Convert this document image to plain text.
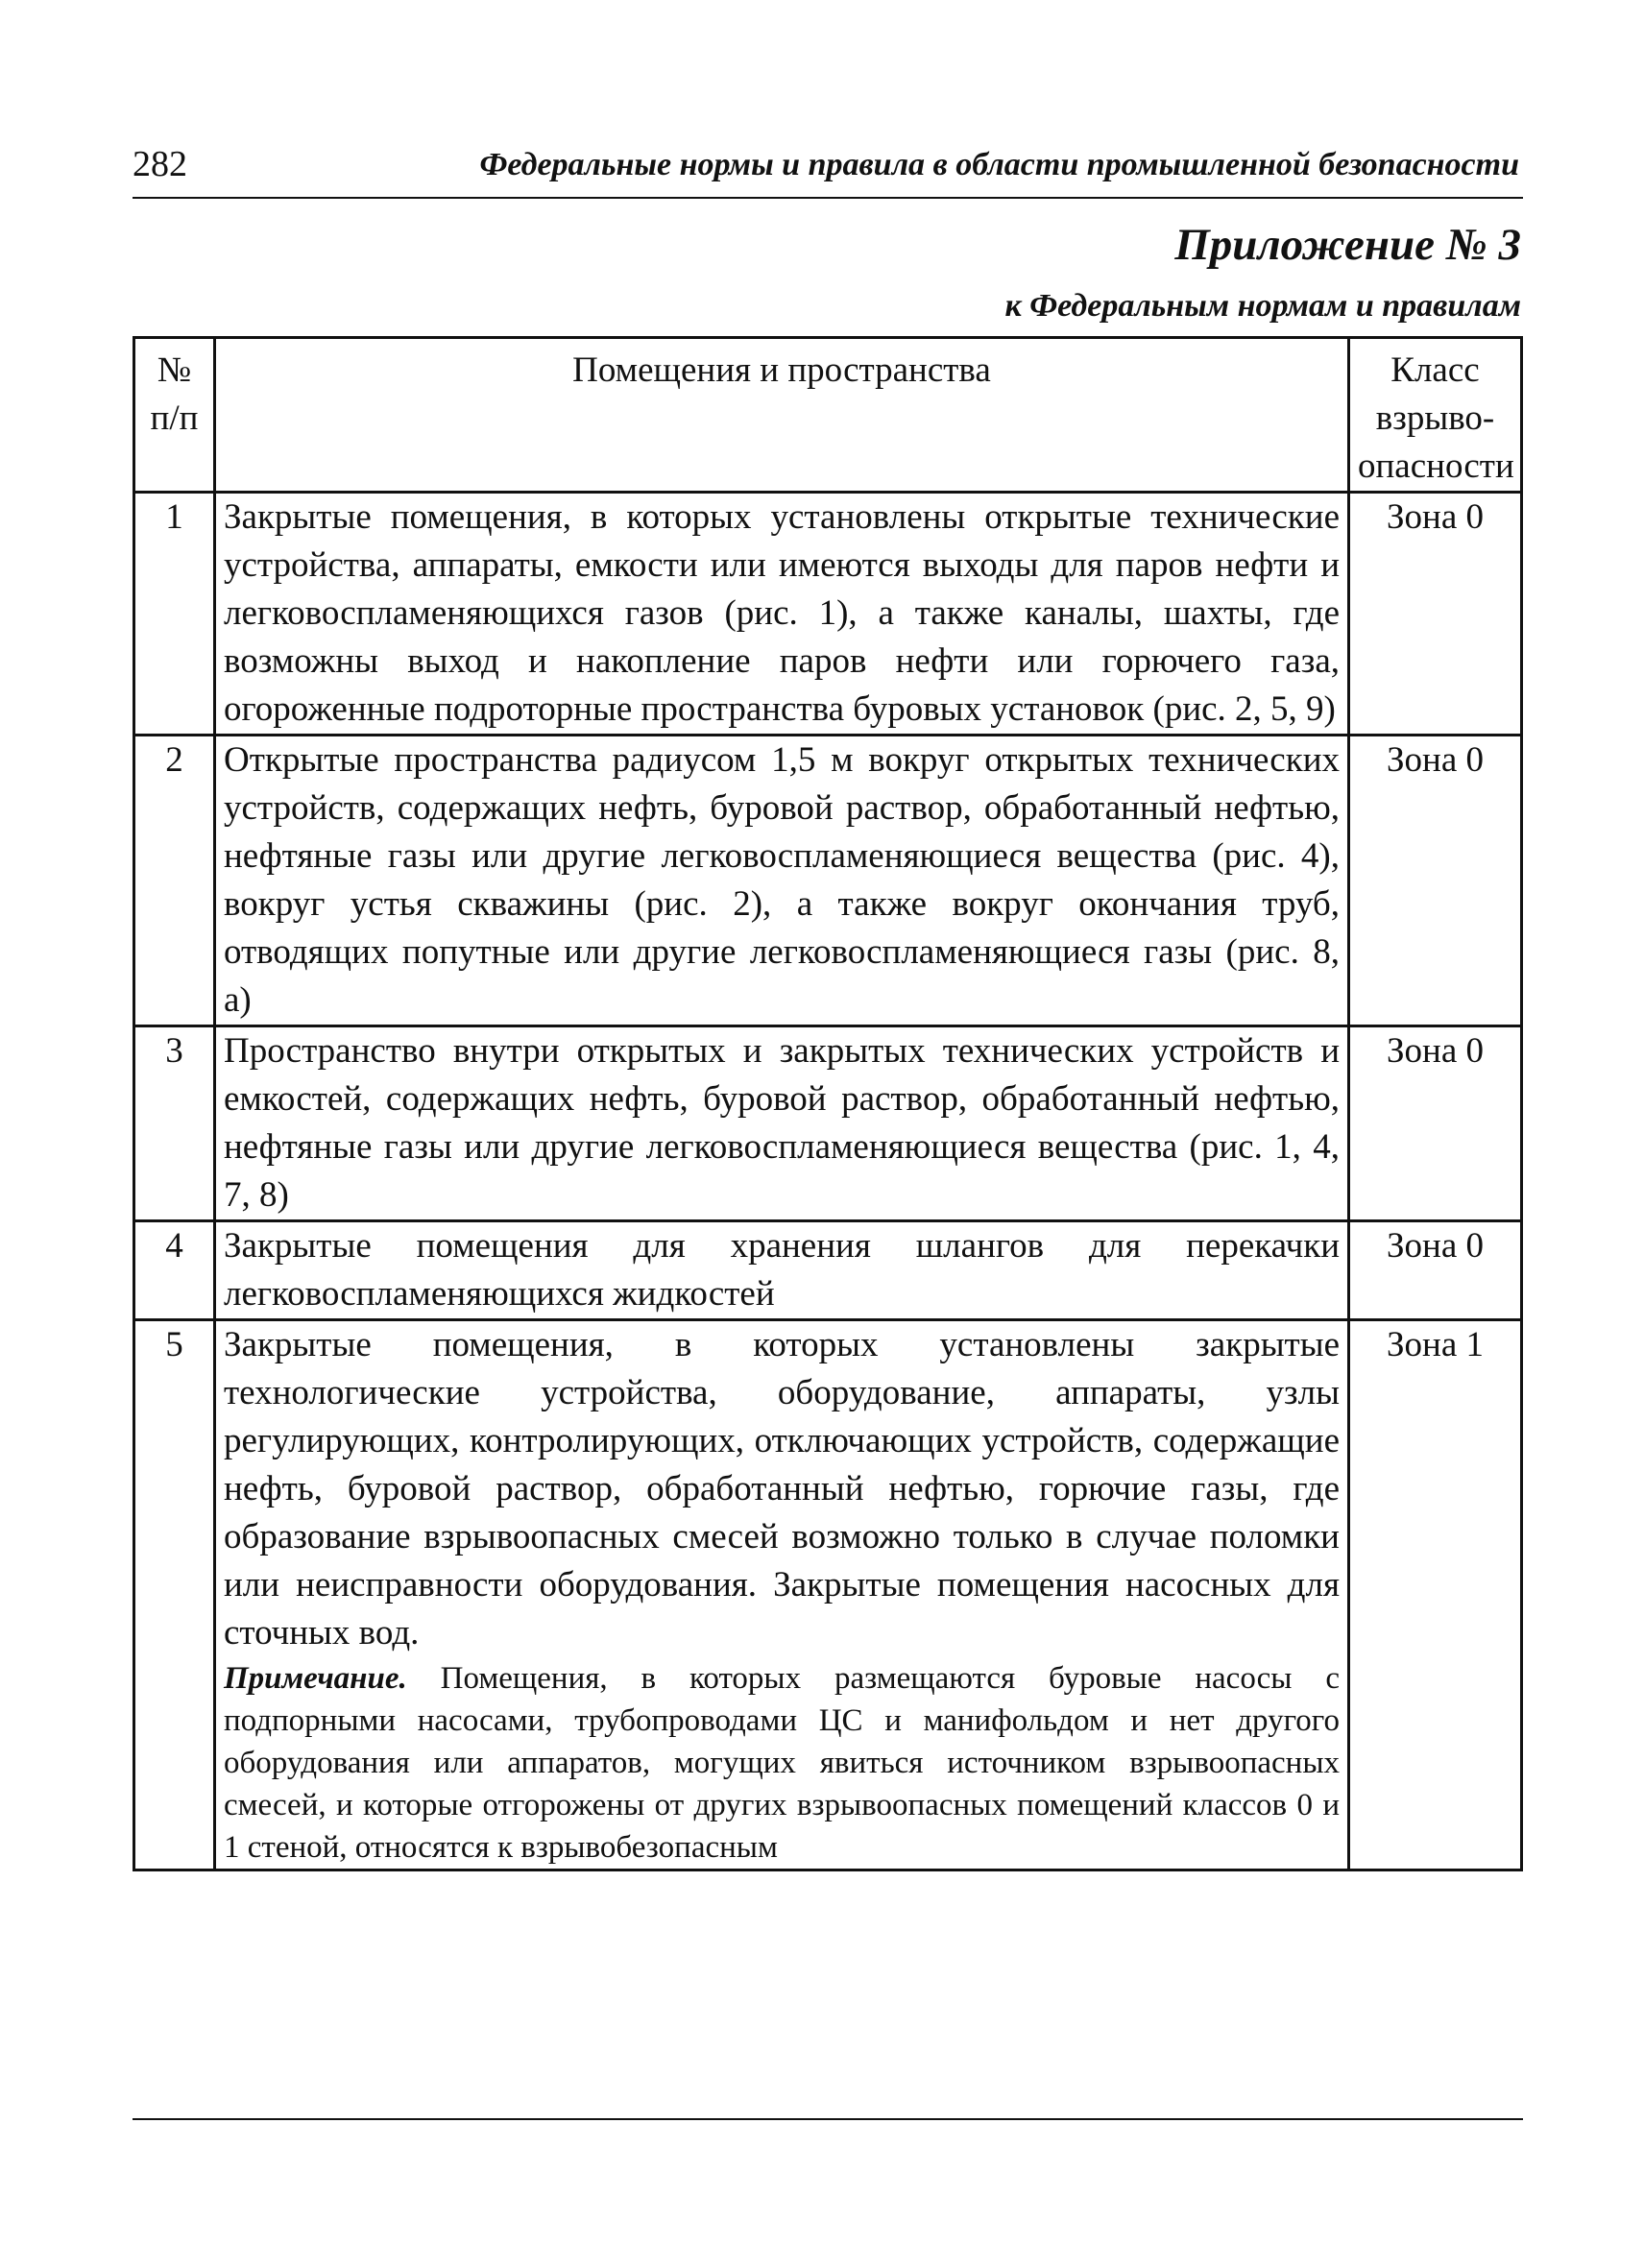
282	Федеральные нормы и правила в области промышленной безопасности
Приложение № 3
к Федеральным нормам и правилам
№ п/п	Помещения и пространства	Класс взрыво-опасности
1	Закрытые помещения, в которых установлены открытые технические устройства, аппараты, емкости или имеются выходы для паров нефти и легковоспламеняющихся газов (рис. 1), а также каналы, шахты, где возможны выход и накопление паров нефти или горючего газа, огороженные подроторные пространства буровых установок (рис. 2, 5, 9)	Зона 0
2	Открытые пространства радиусом 1,5 м вокруг открытых технических устройств, содержащих нефть, буровой раствор, обработанный нефтью, нефтяные газы или другие легковоспламеняющиеся вещества (рис. 4), вокруг устья скважины (рис. 2), а также вокруг окончания труб, отводящих попутные или другие легковоспламеняющиеся газы (рис. 8, а)	Зона 0
3	Пространство внутри открытых и закрытых технических устройств и емкостей, содержащих нефть, буровой раствор, обработанный нефтью, нефтяные газы или другие легковоспламеняющиеся вещества (рис. 1, 4, 7, 8)	Зона 0
4	Закрытые помещения для хранения шлангов для перекачки легковоспламеняющихся жидкостей	Зона 0
5	Закрытые помещения, в которых установлены закрытые технологические устройства, оборудование, аппараты, узлы регулирующих, контролирующих, отключающих устройств, содержащие нефть, буровой раствор, обработанный нефтью, горючие газы, где образование взрывоопасных смесей возможно только в случае поломки или неисправности оборудования. Закрытые помещения насосных для сточных вод.
Примечание. Помещения, в которых размещаются буровые насосы с подпорными насосами, трубопроводами ЦС и манифольдом и нет другого оборудования или аппаратов, могущих явиться источником взрывоопасных смесей, и которые отгорожены от других взрывоопасных помещений классов 0 и 1 стеной, относятся к взрывобезопасным	Зона 1
